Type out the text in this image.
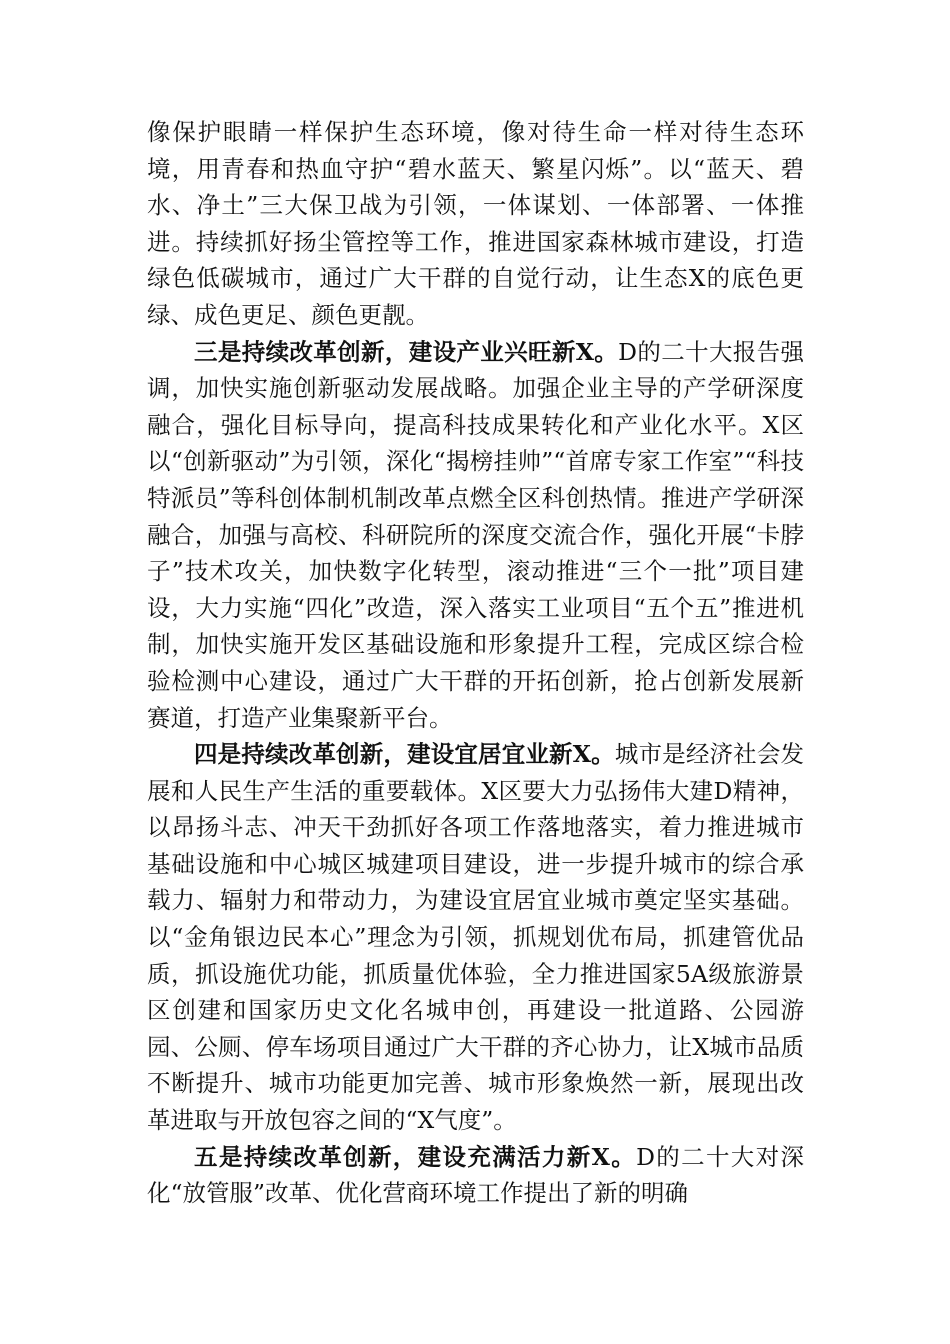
像保护眼睛一样保护生态环境，像对待生命一样对待生态环境，用青春和热血守护“碧水蓝天、繁星闪烁”。以“蓝天、碧水、净土”三大保卫战为引领，一体谋划、一体部署、一体推进。持续抓好扬尘管控等工作，推进国家森林城市建设，打造绿色低碳城市，通过广大干群的自觉行动，让生态X的底色更绿、成色更足、颜色更靓。

三是持续改革创新，建设产业兴旺新X。D的二十大报告强调，加快实施创新驱动发展战略。加强企业主导的产学研深度融合，强化目标导向，提高科技成果转化和产业化水平。X区以“创新驱动”为引领，深化“揭榜挂帅”“首席专家工作室”“科技特派员”等科创体制机制改革点燃全区科创热情。推进产学研深融合，加强与高校、科研院所的深度交流合作，强化开展“卡脖子”技术攻关，加快数字化转型，滚动推进“三个一批”项目建设，大力实施“四化”改造，深入落实工业项目“五个五”推进机制，加快实施开发区基础设施和形象提升工程，完成区综合检验检测中心建设，通过广大干群的开拓创新，抢占创新发展新赛道，打造产业集聚新平台。

四是持续改革创新，建设宜居宜业新X。城市是经济社会发展和人民生产生活的重要载体。X区要大力弘扬伟大建D精神，以昂扬斗志、冲天干劲抓好各项工作落地落实，着力推进城市基础设施和中心城区城建项目建设，进一步提升城市的综合承载力、辐射力和带动力，为建设宜居宜业城市奠定坚实基础。以“金角银边民本心”理念为引领，抓规划优布局，抓建管优品质，抓设施优功能，抓质量优体验，全力推进国家5A级旅游景区创建和国家历史文化名城申创，再建设一批道路、公园游园、公厕、停车场项目通过广大干群的齐心协力，让X城市品质不断提升、城市功能更加完善、城市形象焕然一新，展现出改革进取与开放包容之间的“X气度”。

五是持续改革创新，建设充满活力新X。D的二十大对深化“放管服”改革、优化营商环境工作提出了新的明确
